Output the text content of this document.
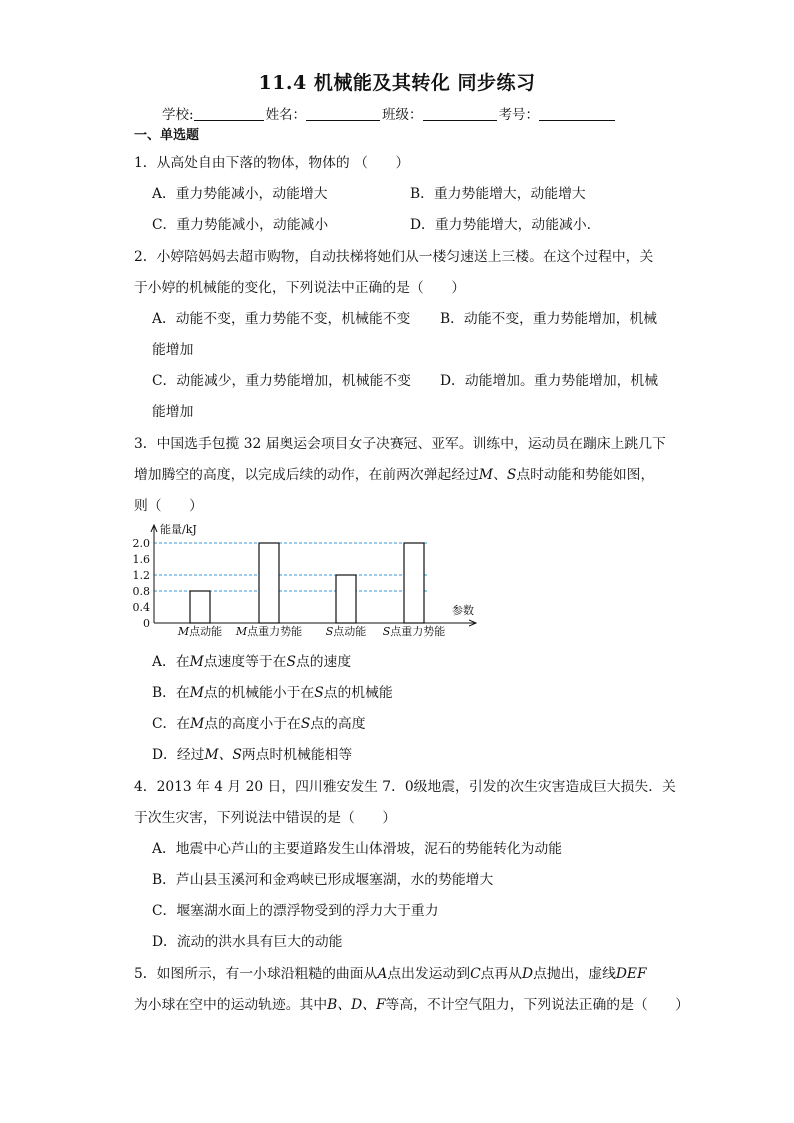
11.4 机械能及其转化 同步练习
学校:	姓名：	班级：	考号：
一、单选题
1．从高处自由下落的物体，物体的 （　　）
A．重力势能减小，动能增大	B．重力势能增大，动能增大
C．重力势能减小，动能减小	D．重力势能增大，动能减小.
2．小婷陪妈妈去超市购物，自动扶梯将她们从一楼匀速送上三楼。在这个过程中，关
于小婷的机械能的变化，下列说法中正确的是（　　）
A．动能不变，重力势能不变，机械能不变 B．动能不变，重力势能增加，机械
能增加
C．动能减少，重力势能增加，机械能不变 D．动能增加。重力势能增加，机械
能增加
3．中国选手包揽 32 届奥运会项目女子决赛冠、亚军。训练中，运动员在蹦床上跳几下
增加腾空的高度，以完成后续的动作，在前两次弹起经过M、S点时动能和势能如图，
则（　　）
能量/kJ
参数
0
0.4
0.8
1.2
1.6
2.0
M点动能 M点重力势能 S点动能 S点重力势能
A．在M点速度等于在S点的速度
B．在M点的机械能小于在S点的机械能
C．在M点的高度小于在S点的高度
D．经过M、S两点时机械能相等
4．2013 年 4 月 20 日，四川雅安发生 7．0级地震，引发的次生灾害造成巨大损失．关
于次生灾害，下列说法中错误的是（　　）
A．地震中心芦山的主要道路发生山体滑坡，泥石的势能转化为动能
B．芦山县玉溪河和金鸡峡已形成堰塞湖，水的势能增大
C．堰塞湖水面上的漂浮物受到的浮力大于重力
D．流动的洪水具有巨大的动能
5．如图所示，有一小球沿粗糙的曲面从A点出发运动到C点再从D点抛出，虚线DEF
为小球在空中的运动轨迹。其中B、D、F等高，不计空气阻力，下列说法正确的是（　　）
